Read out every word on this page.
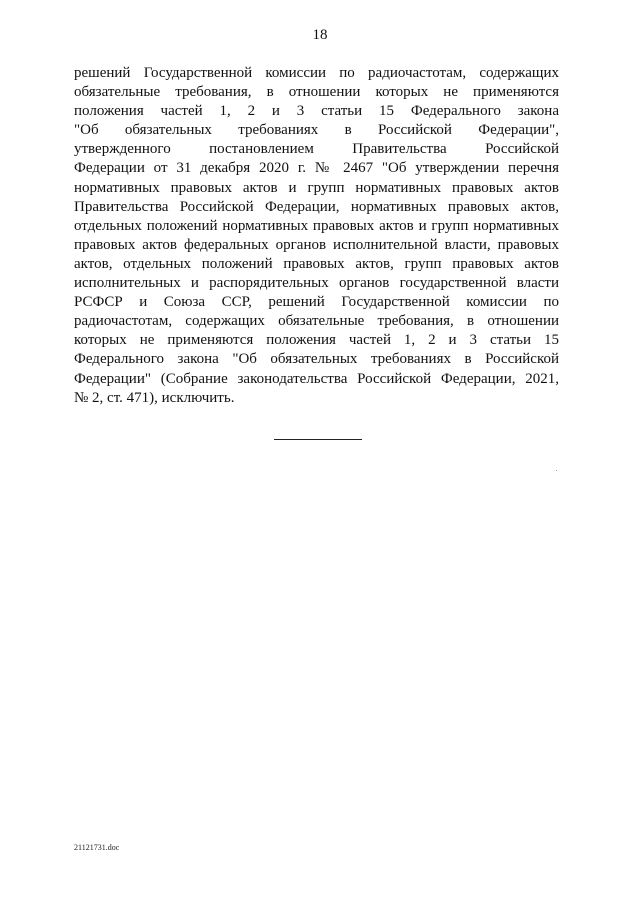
18
решений Государственной комиссии по радиочастотам, содержащих
обязательные требования, в отношении которых не применяются
положения частей 1, 2 и 3 статьи 15 Федерального закона
"Об обязательных требованиях в Российской Федерации",
утвержденного постановлением Правительства Российской
Федерации от 31 декабря 2020 г. № 2467 "Об утверждении перечня
нормативных правовых актов и групп нормативных правовых актов
Правительства Российской Федерации, нормативных правовых актов,
отдельных положений нормативных правовых актов и групп нормативных
правовых актов федеральных органов исполнительной власти, правовых
актов, отдельных положений правовых актов, групп правовых актов
исполнительных и распорядительных органов государственной власти
РСФСР и Союза ССР, решений Государственной комиссии по
радиочастотам, содержащих обязательные требования, в отношении
которых не применяются положения частей 1, 2 и 3 статьи 15
Федерального закона "Об обязательных требованиях в Российской
Федерации" (Собрание законодательства Российской Федерации, 2021,
№ 2, ст. 471), исключить.
21121731.doc
